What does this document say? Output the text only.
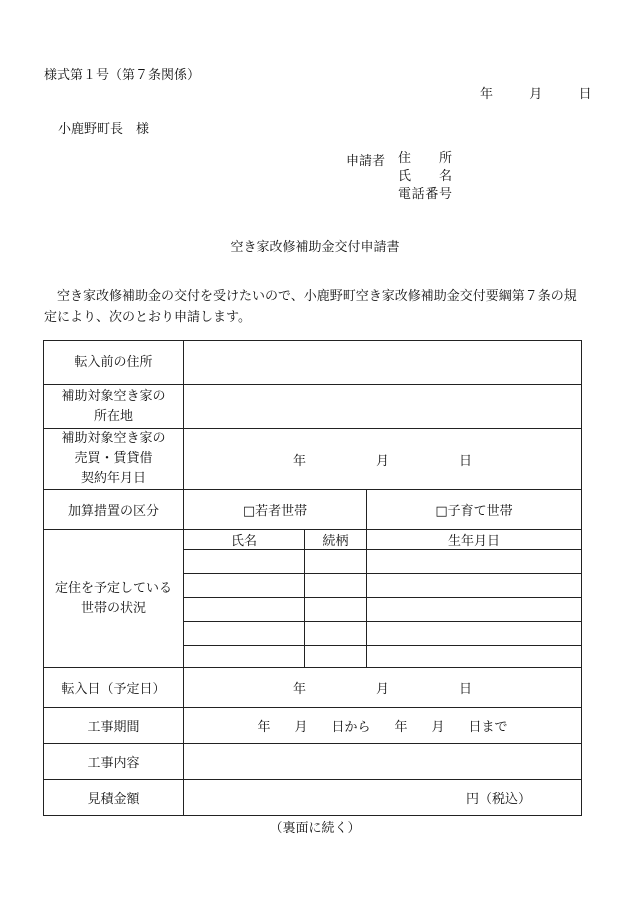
様式第１号（第７条関係）
年	月	日
小鹿野町長　様
申請者 住　　所
氏　　名
電話番号
空き家改修補助金交付申請書
空き家改修補助金の交付を受けたいので、小鹿野町空き家改修補助金交付要綱第７条の規定により、次のとおり申請します。
転入前の住所			

補助対象空き家の
所在地			

補助対象空き家の
売買・賃貸借
契約年月日	年 月 日		
加算措置の区分	□若者世帯		□子育て世帯

定住を予定している
世帯の状況	氏名	続柄	生年月日

転入日（予定日）	年 月 日		
工事期間	年 月 日から 年 月 日まで		
工事内容			
見積金額	円（税込）		
（裏面に続く）
